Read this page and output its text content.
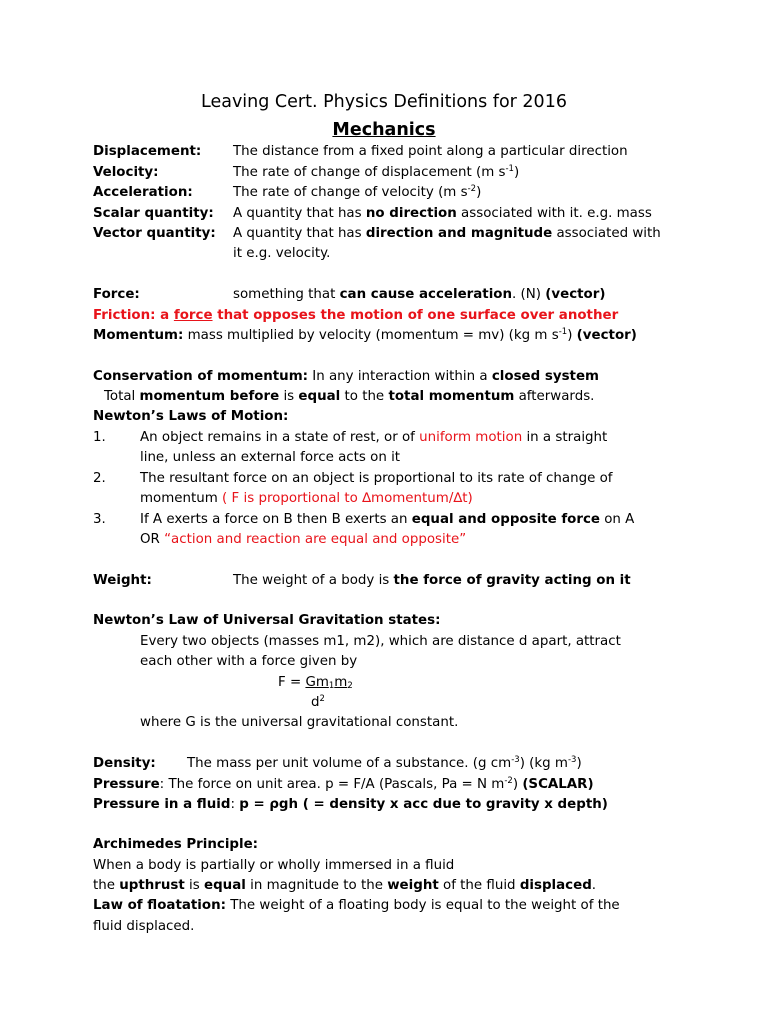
Leaving Cert. Physics Definitions for 2016
Mechanics
Displacement: The distance from a fixed point along a particular direction
Velocity:	The rate of change of displacement (m $s^{-1}$)
Acceleration:	The rate of change of velocity (m $s^{-2}$)
Scalar quantity: A quantity that has no direction associated with it. e.g. mass
Vector quantity: A quantity that has direction and magnitude associated with
it e.g. velocity.
Force:	something that can cause acceleration. (N) (vector)
Friction: a force that opposes the motion of one surface over another
Momentum: mass multiplied by velocity (momentum = mv) (kg m $s^{-1}$) (vector)
Conservation of momentum: In any interaction within a closed system
Total momentum before is equal to the total momentum afterwards.
Newton’s Laws of Motion:
1.	An object remains in a state of rest, or of uniform motion in a straight
line, unless an external force acts on it
2.	The resultant force on an object is proportional to its rate of change of
momentum ( F is proportional to ∆momentum/∆t)
3.	If A exerts a force on B then B exerts an equal and opposite force on A
OR “action and reaction are equal and opposite”
Weight:	The weight of a body is the force of gravity acting on it
Newton’s Law of Universal Gravitation states:
Every two objects (masses m1, m2), which are distance d apart, attract
each other with a force given by
$F = Gm_1m_2$
$d^2$
where G is the universal gravitational constant.
Density: The mass per unit volume of a substance. (g $cm^{-3}$) (kg $m^{-3}$)
Pressure: The force on unit area. p = F/A (Pascals, Pa = N $m^{-2}$) (SCALAR)
Pressure in a fluid: p = ρgh ( = density x acc due to gravity x depth)
Archimedes Principle:
When a body is partially or wholly immersed in a fluid
the upthrust is equal in magnitude to the weight of the fluid displaced.
Law of floatation: The weight of a floating body is equal to the weight of the
fluid displaced.
